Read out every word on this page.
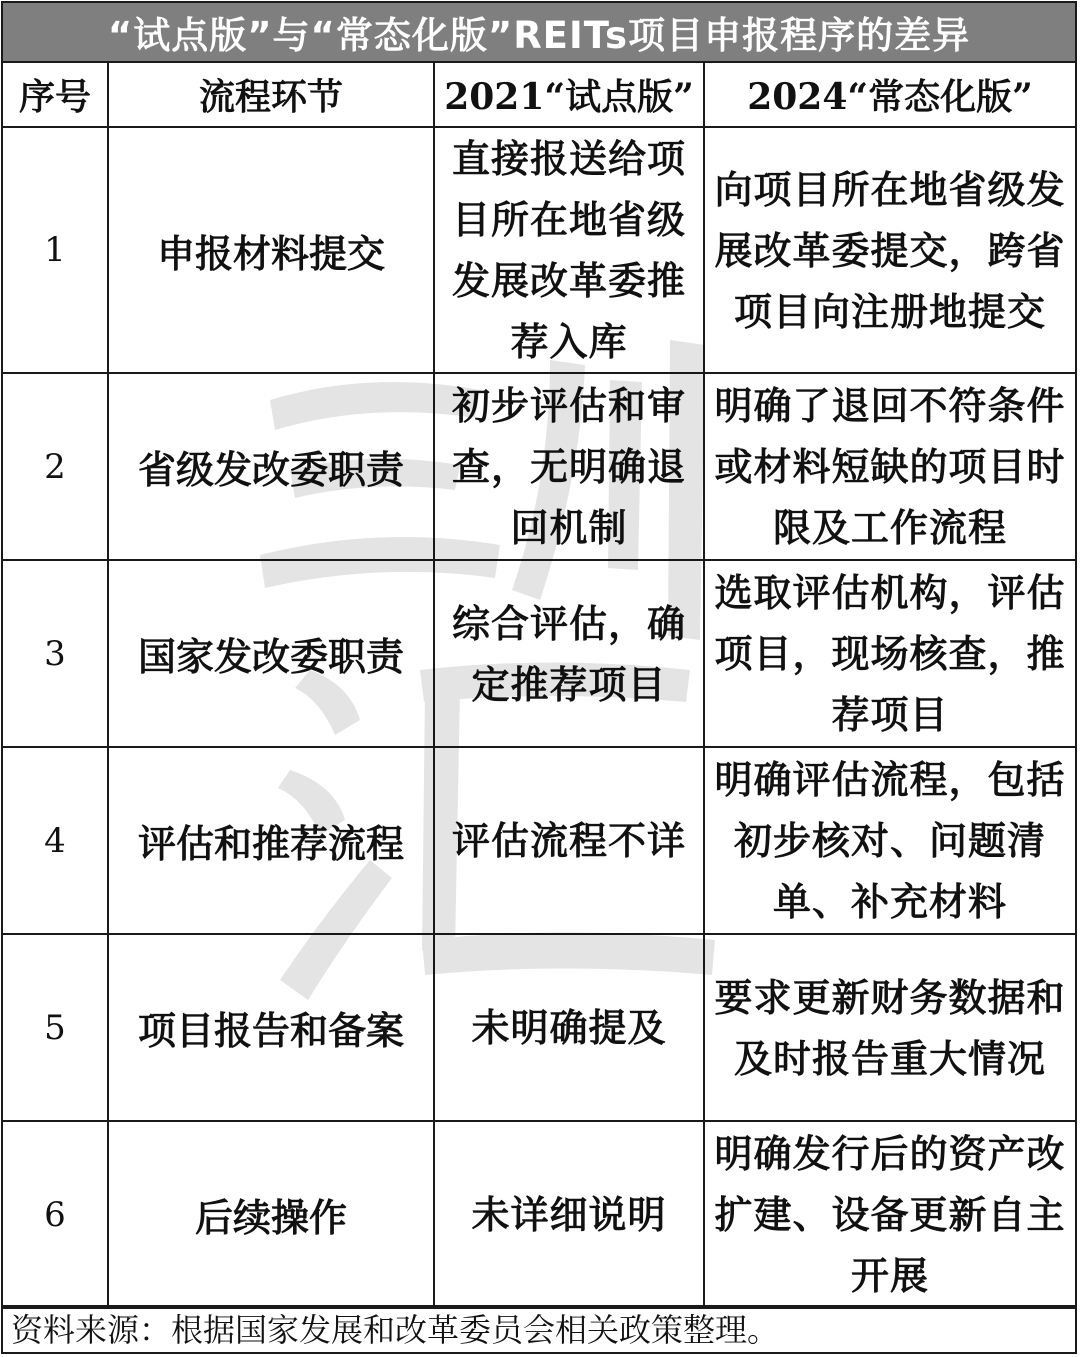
“试点版”与“常态化版”REITs项目申报程序的差异
序号	流程环节	2021“试点版”	2024“常态化版”
1	申报材料提交	直接报送给项目所在地省级发展改革委推荐入库	向项目所在地省级发展改革委提交，跨省项目向注册地提交
2	省级发改委职责	初步评估和审查，无明确退回机制	明确了退回不符条件或材料短缺的项目时限及工作流程
3	国家发改委职责	综合评估，确定推荐项目	选取评估机构，评估项目，现场核查，推荐项目
4	评估和推荐流程	评估流程不详	明确评估流程，包括初步核对、问题清单、补充材料
5	项目报告和备案	未明确提及	要求更新财务数据和及时报告重大情况
6	后续操作	未详细说明	明确发行后的资产改扩建、设备更新自主开展
资料来源：根据国家发展和改革委员会相关政策整理。
